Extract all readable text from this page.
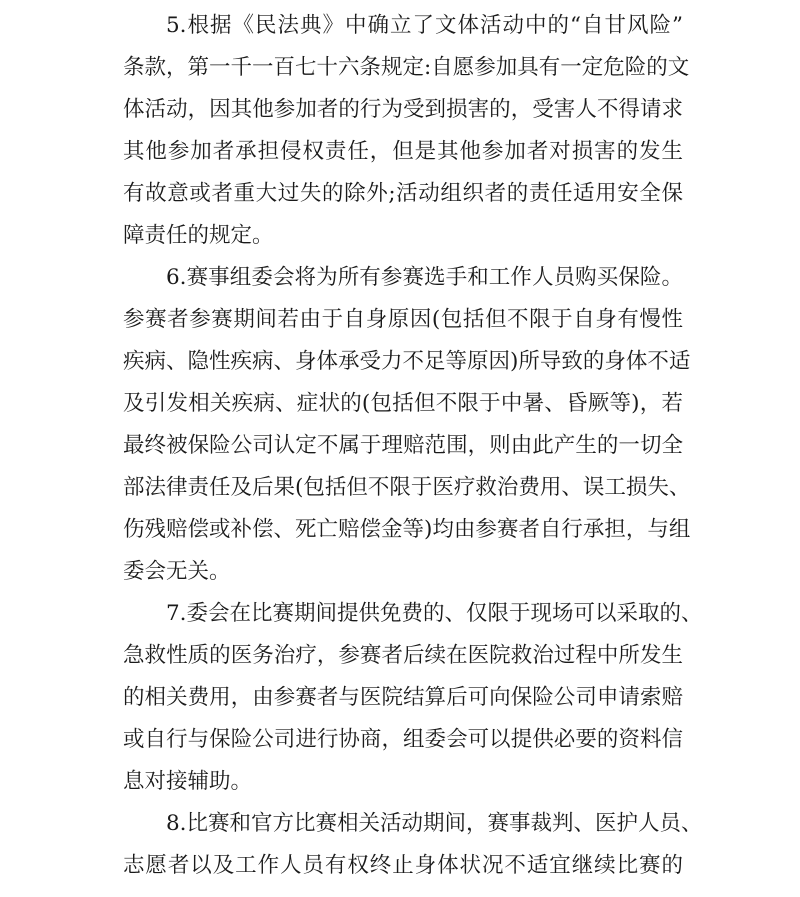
5.根据《民法典》中确立了文体活动中的“自甘风险”
条款，第一千一百七十六条规定:自愿参加具有一定危险的文
体活动，因其他参加者的行为受到损害的，受害人不得请求
其他参加者承担侵权责任，但是其他参加者对损害的发生
有故意或者重大过失的除外;活动组织者的责任适用安全保
障责任的规定。
6.赛事组委会将为所有参赛选手和工作人员购买保险。
参赛者参赛期间若由于自身原因(包括但不限于自身有慢性
疾病、隐性疾病、身体承受力不足等原因)所导致的身体不适
及引发相关疾病、症状的(包括但不限于中暑、昏厥等)，若
最终被保险公司认定不属于理赔范围，则由此产生的一切全
部法律责任及后果(包括但不限于医疗救治费用、误工损失、
伤残赔偿或补偿、死亡赔偿金等)均由参赛者自行承担，与组
委会无关。
7.委会在比赛期间提供免费的、仅限于现场可以采取的、
急救性质的医务治疗，参赛者后续在医院救治过程中所发生
的相关费用，由参赛者与医院结算后可向保险公司申请索赔
或自行与保险公司进行协商，组委会可以提供必要的资料信
息对接辅助。
8.比赛和官方比赛相关活动期间，赛事裁判、医护人员、
志愿者以及工作人员有权终止身体状况不适宜继续比赛的
